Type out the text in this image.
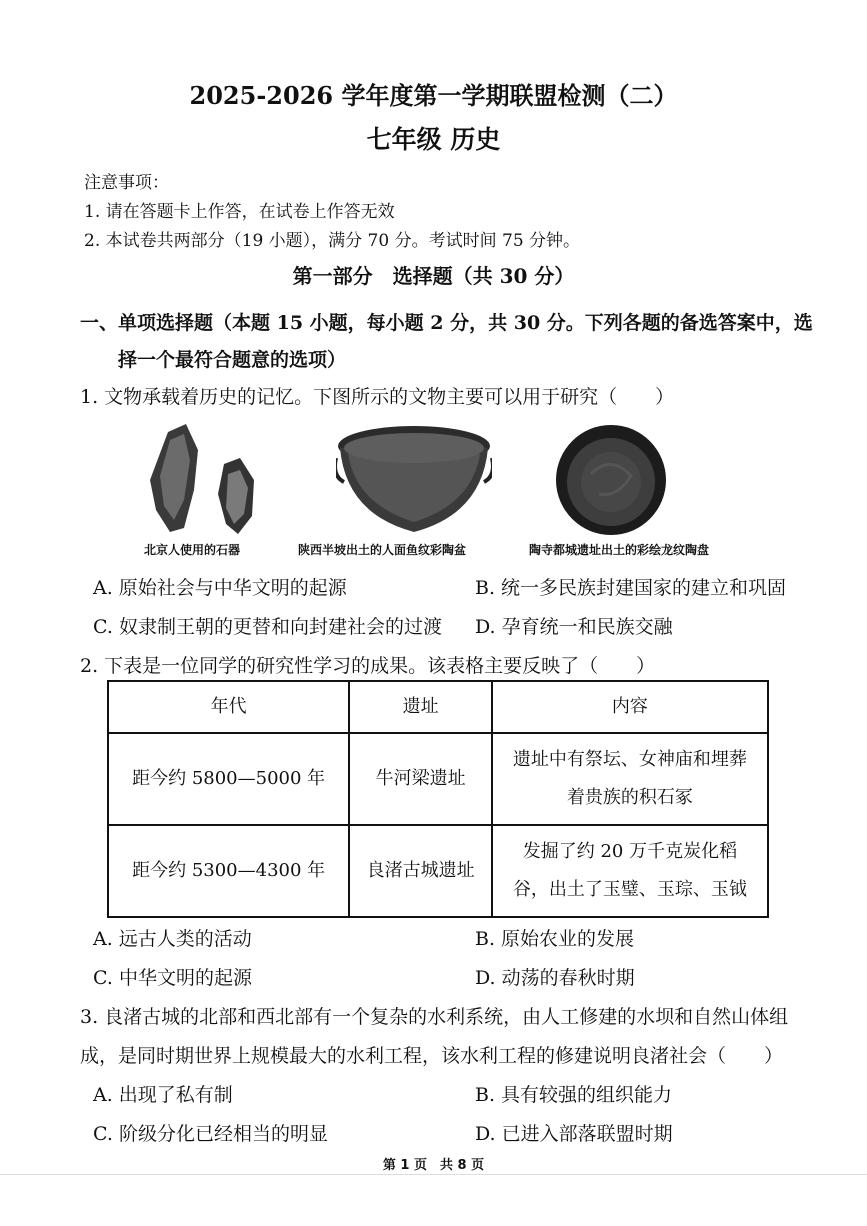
2025-2026 学年度第一学期联盟检测（二）
七年级 历史
注意事项：
1. 请在答题卡上作答，在试卷上作答无效
2. 本试卷共两部分（19 小题），满分 70 分。考试时间 75 分钟。
第一部分　选择题（共 30 分）
一、单项选择题（本题 15 小题，每小题 2 分，共 30 分。下列各题的备选答案中，选
择一个最符合题意的选项）
1. 文物承载着历史的记忆。下图所示的文物主要可以用于研究（　　）
北京人使用的石器	陕西半坡出土的人面鱼纹彩陶盆	陶寺都城遗址出土的彩绘龙纹陶盘
A. 原始社会与中华文明的起源	B. 统一多民族封建国家的建立和巩固
C. 奴隶制王朝的更替和向封建社会的过渡 D. 孕育统一和民族交融
2. 下表是一位同学的研究性学习的成果。该表格主要反映了（　　）
年代	遗址	内容
距今约 5800—5000 年	牛河梁遗址	遗址中有祭坛、女神庙和埋葬
着贵族的积石冢

距今约 5300—4300 年	良渚古城遗址	发掘了约 20 万千克炭化稻
谷，出土了玉璧、玉琮、玉钺
A. 远古人类的活动	B. 原始农业的发展
C. 中华文明的起源	D. 动荡的春秋时期
3. 良渚古城的北部和西北部有一个复杂的水利系统，由人工修建的水坝和自然山体组
成，是同时期世界上规模最大的水利工程，该水利工程的修建说明良渚社会（　　）
A. 出现了私有制	B. 具有较强的组织能力
C. 阶级分化已经相当的明显	D. 已进入部落联盟时期
第 1 页　共 8 页
